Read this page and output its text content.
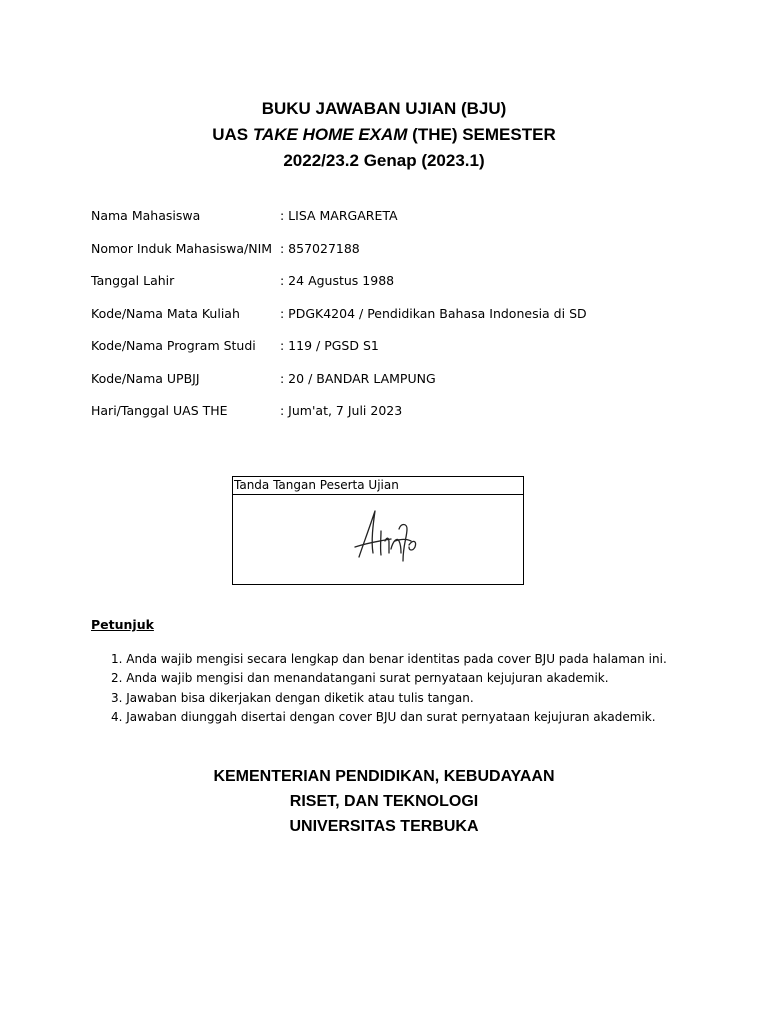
BUKU JAWABAN UJIAN (BJU)
UAS TAKE HOME EXAM (THE) SEMESTER
2022/23.2 Genap (2023.1)
Nama Mahasiswa	: LISA MARGARETA
Nomor Induk Mahasiswa/NIM : 857027188
Tanggal Lahir	: 24 Agustus 1988
Kode/Nama Mata Kuliah	: PDGK4204 / Pendidikan Bahasa Indonesia di SD
Kode/Nama Program Studi	: 119 / PGSD S1
Kode/Nama UPBJJ	: 20 / BANDAR LAMPUNG
Hari/Tanggal UAS THE	: Jum'at, 7 Juli 2023
Tanda Tangan Peserta Ujian
Petunjuk
1. Anda wajib mengisi secara lengkap dan benar identitas pada cover BJU pada halaman ini.
2. Anda wajib mengisi dan menandatangani surat pernyataan kejujuran akademik.
3. Jawaban bisa dikerjakan dengan diketik atau tulis tangan.
4. Jawaban diunggah disertai dengan cover BJU dan surat pernyataan kejujuran akademik.
KEMENTERIAN PENDIDIKAN, KEBUDAYAAN
RISET, DAN TEKNOLOGI
UNIVERSITAS TERBUKA
